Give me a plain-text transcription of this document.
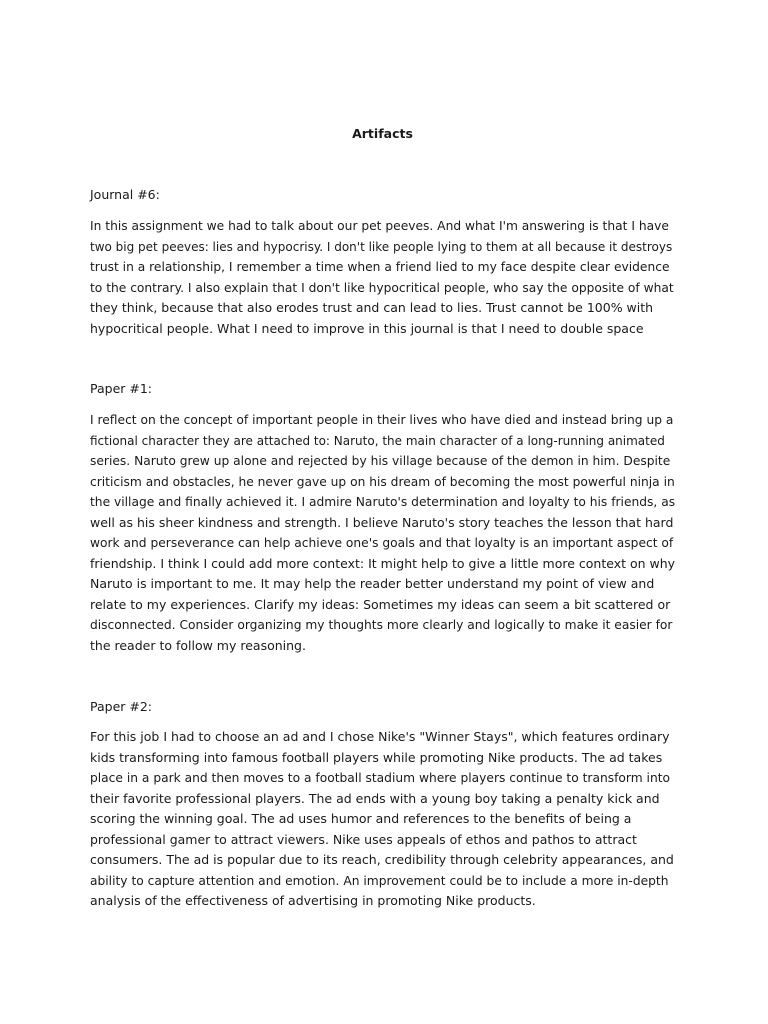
Artifacts
Journal #6:
In this assignment we had to talk about our pet peeves. And what I'm answering is that I have
two big pet peeves: lies and hypocrisy. I don't like people lying to them at all because it destroys
trust in a relationship, I remember a time when a friend lied to my face despite clear evidence
to the contrary. I also explain that I don't like hypocritical people, who say the opposite of what
they think, because that also erodes trust and can lead to lies. Trust cannot be 100% with
hypocritical people. What I need to improve in this journal is that I need to double space
Paper #1:
I reflect on the concept of important people in their lives who have died and instead bring up a
fictional character they are attached to: Naruto, the main character of a long-running animated
series. Naruto grew up alone and rejected by his village because of the demon in him. Despite
criticism and obstacles, he never gave up on his dream of becoming the most powerful ninja in
the village and finally achieved it. I admire Naruto's determination and loyalty to his friends, as
well as his sheer kindness and strength. I believe Naruto's story teaches the lesson that hard
work and perseverance can help achieve one's goals and that loyalty is an important aspect of
friendship. I think I could add more context: It might help to give a little more context on why
Naruto is important to me. It may help the reader better understand my point of view and
relate to my experiences. Clarify my ideas: Sometimes my ideas can seem a bit scattered or
disconnected. Consider organizing my thoughts more clearly and logically to make it easier for
the reader to follow my reasoning.
Paper #2:
For this job I had to choose an ad and I chose Nike's "Winner Stays", which features ordinary
kids transforming into famous football players while promoting Nike products. The ad takes
place in a park and then moves to a football stadium where players continue to transform into
their favorite professional players. The ad ends with a young boy taking a penalty kick and
scoring the winning goal. The ad uses humor and references to the benefits of being a
professional gamer to attract viewers. Nike uses appeals of ethos and pathos to attract
consumers. The ad is popular due to its reach, credibility through celebrity appearances, and
ability to capture attention and emotion. An improvement could be to include a more in-depth
analysis of the effectiveness of advertising in promoting Nike products.
